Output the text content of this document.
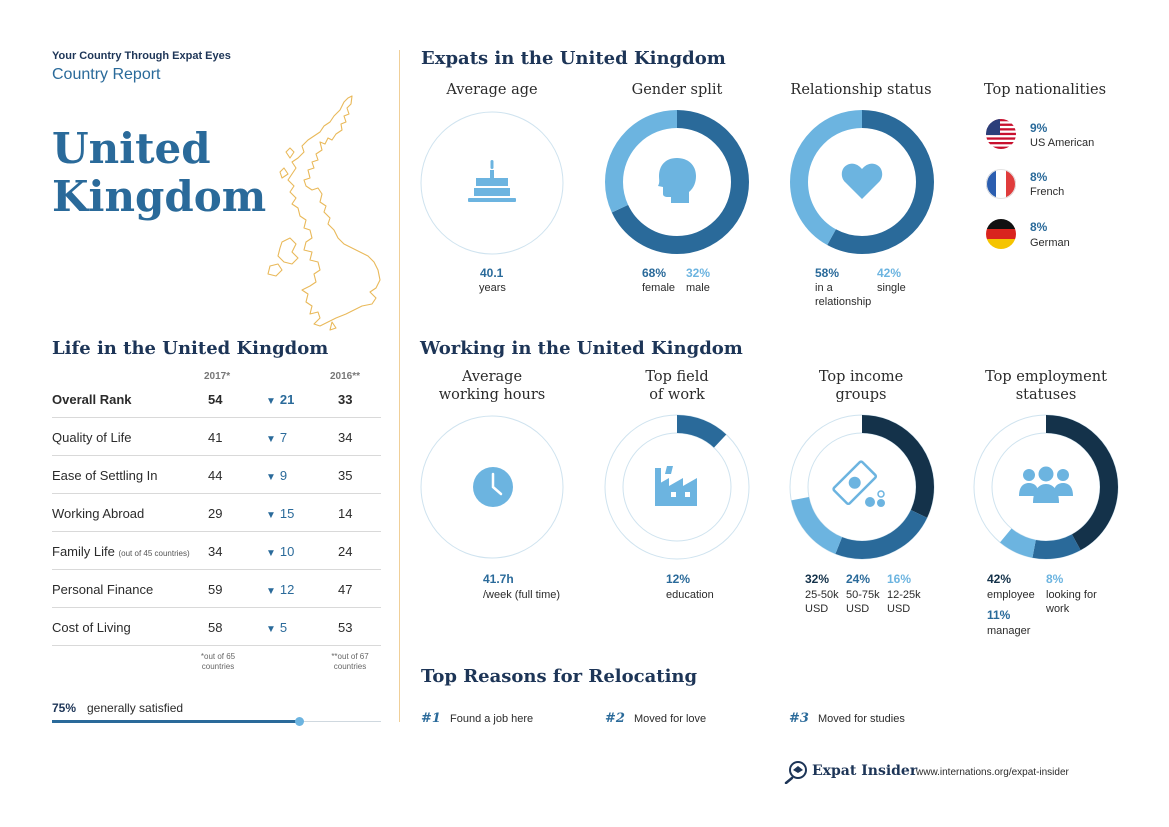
Your Country Through Expat Eyes
Country Report
United
Kingdom
Life in the United Kingdom
2017*	2016**
Overall Rank	54	▼ 21	33
Quality of Life	41	▼ 7	34
Ease of Settling In	44	▼ 9	35
Working Abroad	29	▼ 15	14
Family Life (out of 45 countries) 34	▼ 10	24
Personal Finance	59	▼ 12	47
Cost of Living	58	▼ 5	53
*out of 65 countries
**out of 67 countries
75% generally satisfied
Expats in the United Kingdom
Average age
40.1
years
Gender split
68%
female
32%
male
Relationship status
58%
in a relationship
42%
single
Top nationalities
9%
US American
8%
French
8%
German
Working in the United Kingdom
Average
working hours
41.7h
/week (full time)
Top field
of work
12%
education
Top income
groups
32%
25-50k
USD
24%
50-75k
USD
16%
12-25k
USD
Top employment
statuses
42%
employee
11%
manager
8%
looking for
work
Top Reasons for Relocating
#1 Found a job here	#2 Moved for love	#3 Moved for studies
Expat Insider
www.internations.org/expat-insider
